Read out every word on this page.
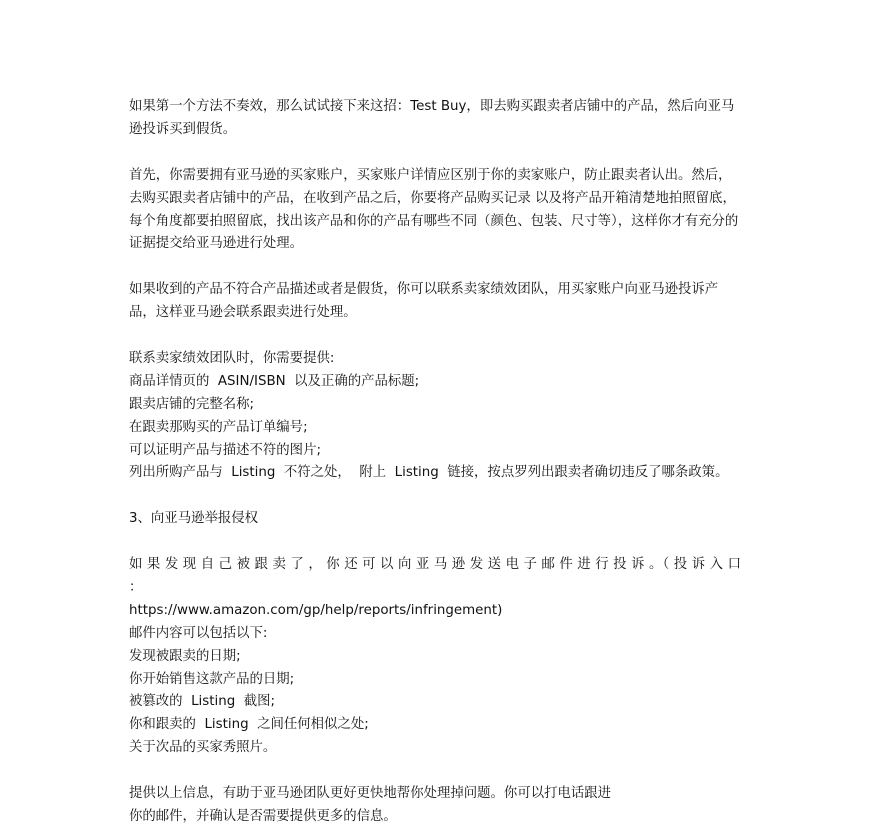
如果第一个方法不奏效，那么试试接下来这招：Test Buy，即去购买跟卖者店铺中的产品，然后向亚马逊投诉买到假货。

首先，你需要拥有亚马逊的买家账户，买家账户详情应区别于你的卖家账户，防止跟卖者认出。然后，去购买跟卖者店铺中的产品，在收到产品之后，你要将产品购买记录 以及将产品开箱清楚地拍照留底，每个角度都要拍照留底，找出该产品和你的产品有哪些不同（颜色、包装、尺寸等），这样你才有充分的证据提交给亚马逊进行处理。

如果收到的产品不符合产品描述或者是假货，你可以联系卖家绩效团队，用买家账户向亚马逊投诉产品，这样亚马逊会联系跟卖进行处理。

联系卖家绩效团队时，你需要提供:

商品详情页的  ASIN/ISBN  以及正确的产品标题;

跟卖店铺的完整名称;

在跟卖那购买的产品订单编号;

可以证明产品与描述不符的图片;

列出所购产品与  Listing  不符之处，  附上  Listing  链接，按点罗列出跟卖者确切违反了哪条政策。

3、向亚马逊举报侵权

如 果 发 现 自 己 被 跟 卖 了 ， 你 还 可 以 向 亚 马 逊 发 送 电 子 邮 件 进 行 投 诉 。（ 投 诉 入 口 ：

https://www.amazon.com/gp/help/reports/infringement)

邮件内容可以包括以下:

发现被跟卖的日期;

你开始销售这款产品的日期;

被篡改的  Listing  截图;

你和跟卖的  Listing  之间任何相似之处;

关于次品的买家秀照片。

提供以上信息，有助于亚马逊团队更好更快地帮你处理掉问题。你可以打电话跟进

你的邮件，并确认是否需要提供更多的信息。
